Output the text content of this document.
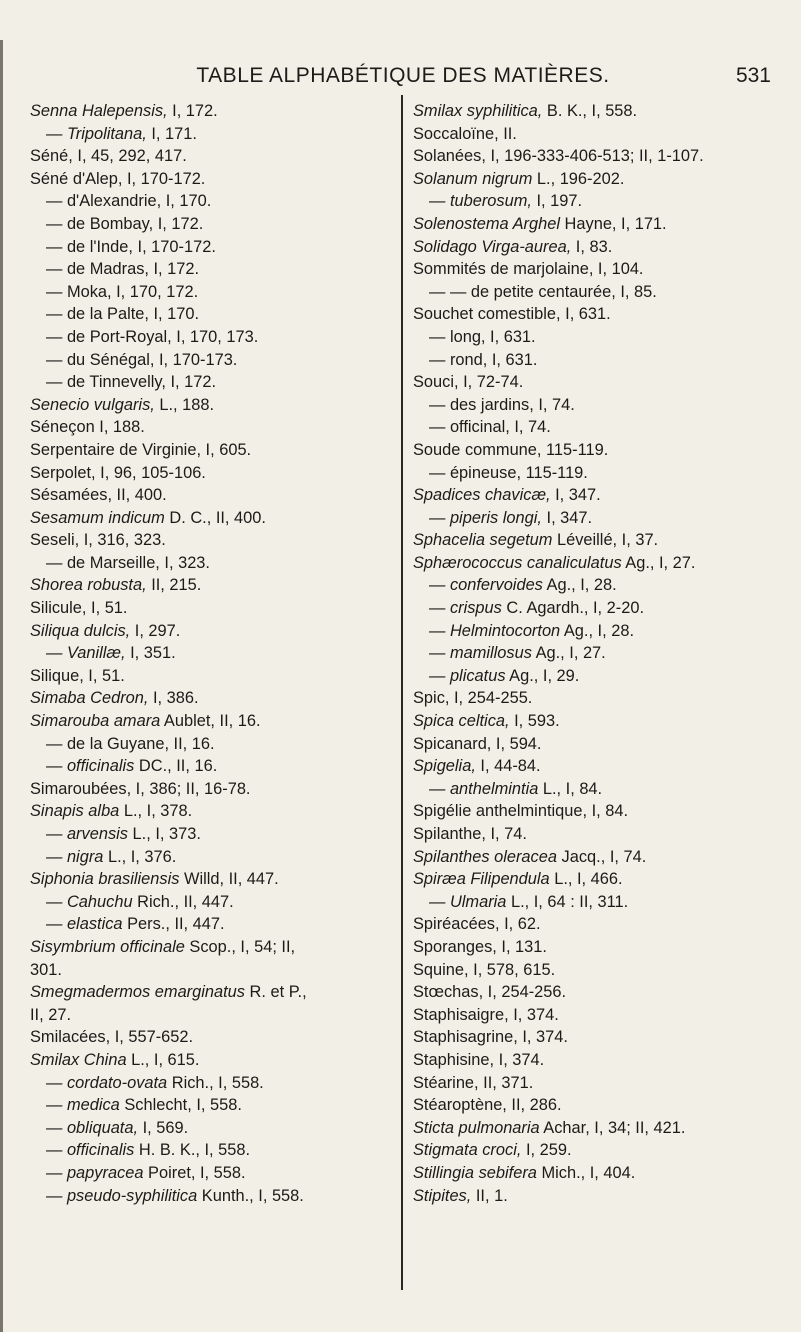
TABLE ALPHABÉTIQUE DES MATIÈRES.	531
Senna Halepensis, I, 172.
— Tripolitana, I, 171.
Séné, I, 45, 292, 417.
Séné d'Alep, I, 170-172.
— d'Alexandrie, I, 170.
— de Bombay, I, 172.
— de l'Inde, I, 170-172.
— de Madras, I, 172.
— Moka, I, 170, 172.
— de la Palte, I, 170.
— de Port-Royal, I, 170, 173.
— du Sénégal, I, 170-173.
— de Tinnevelly, I, 172.
Senecio vulgaris, L., 188.
Séneçon I, 188.
Serpentaire de Virginie, I, 605.
Serpolet, I, 96, 105-106.
Sésamées, II, 400.
Sesamum indicum D. C., II, 400.
Seseli, I, 316, 323.
— de Marseille, I, 323.
Shorea robusta, II, 215.
Silicule, I, 51.
Siliqua dulcis, I, 297.
— Vanillæ, I, 351.
Silique, I, 51.
Simaba Cedron, I, 386.
Simarouba amara Aublet, II, 16.
— de la Guyane, II, 16.
— officinalis DC., II, 16.
Simaroubées, I, 386; II, 16-78.
Sinapis alba L., I, 378.
— arvensis L., I, 373.
— nigra L., I, 376.
Siphonia brasiliensis Willd, II, 447.
— Cahuchu Rich., II, 447.
— elastica Pers., II, 447.
Sisymbrium officinale Scop., I, 54; II,
301.
Smegmadermos emarginatus R. et P.,
II, 27.
Smilacées, I, 557-652.
Smilax China L., I, 615.
— cordato-ovata Rich., I, 558.
— medica Schlecht, I, 558.
— obliquata, I, 569.
— officinalis H. B. K., I, 558.
— papyracea Poiret, I, 558.
— pseudo-syphilitica Kunth., I, 558.
Smilax syphilitica, B. K., I, 558.
Soccaloïne, II.
Solanées, I, 196-333-406-513; II, 1-107.
Solanum nigrum L., 196-202.
— tuberosum, I, 197.
Solenostema Arghel Hayne, I, 171.
Solidago Virga-aurea, I, 83.
Sommités de marjolaine, I, 104.
— — de petite centaurée, I, 85.
Souchet comestible, I, 631.
— long, I, 631.
— rond, I, 631.
Souci, I, 72-74.
— des jardins, I, 74.
— officinal, I, 74.
Soude commune, 115-119.
— épineuse, 115-119.
Spadices chavicæ, I, 347.
— piperis longi, I, 347.
Sphacelia segetum Léveillé, I, 37.
Sphærococcus canaliculatus Ag., I, 27.
— confervoides Ag., I, 28.
— crispus C. Agardh., I, 2-20.
— Helmintocorton Ag., I, 28.
— mamillosus Ag., I, 27.
— plicatus Ag., I, 29.
Spic, I, 254-255.
Spica celtica, I, 593.
Spicanard, I, 594.
Spigelia, I, 44-84.
— anthelmintia L., I, 84.
Spigélie anthelmintique, I, 84.
Spilanthe, I, 74.
Spilanthes oleracea Jacq., I, 74.
Spiræa Filipendula L., I, 466.
— Ulmaria L., I, 64 : II, 311.
Spiréacées, I, 62.
Sporanges, I, 131.
Squine, I, 578, 615.
Stœchas, I, 254-256.
Staphisaigre, I, 374.
Staphisagrine, I, 374.
Staphisine, I, 374.
Stéarine, II, 371.
Stéaroptène, II, 286.
Sticta pulmonaria Achar, I, 34; II, 421.
Stigmata croci, I, 259.
Stillingia sebifera Mich., I, 404.
Stipites, II, 1.
